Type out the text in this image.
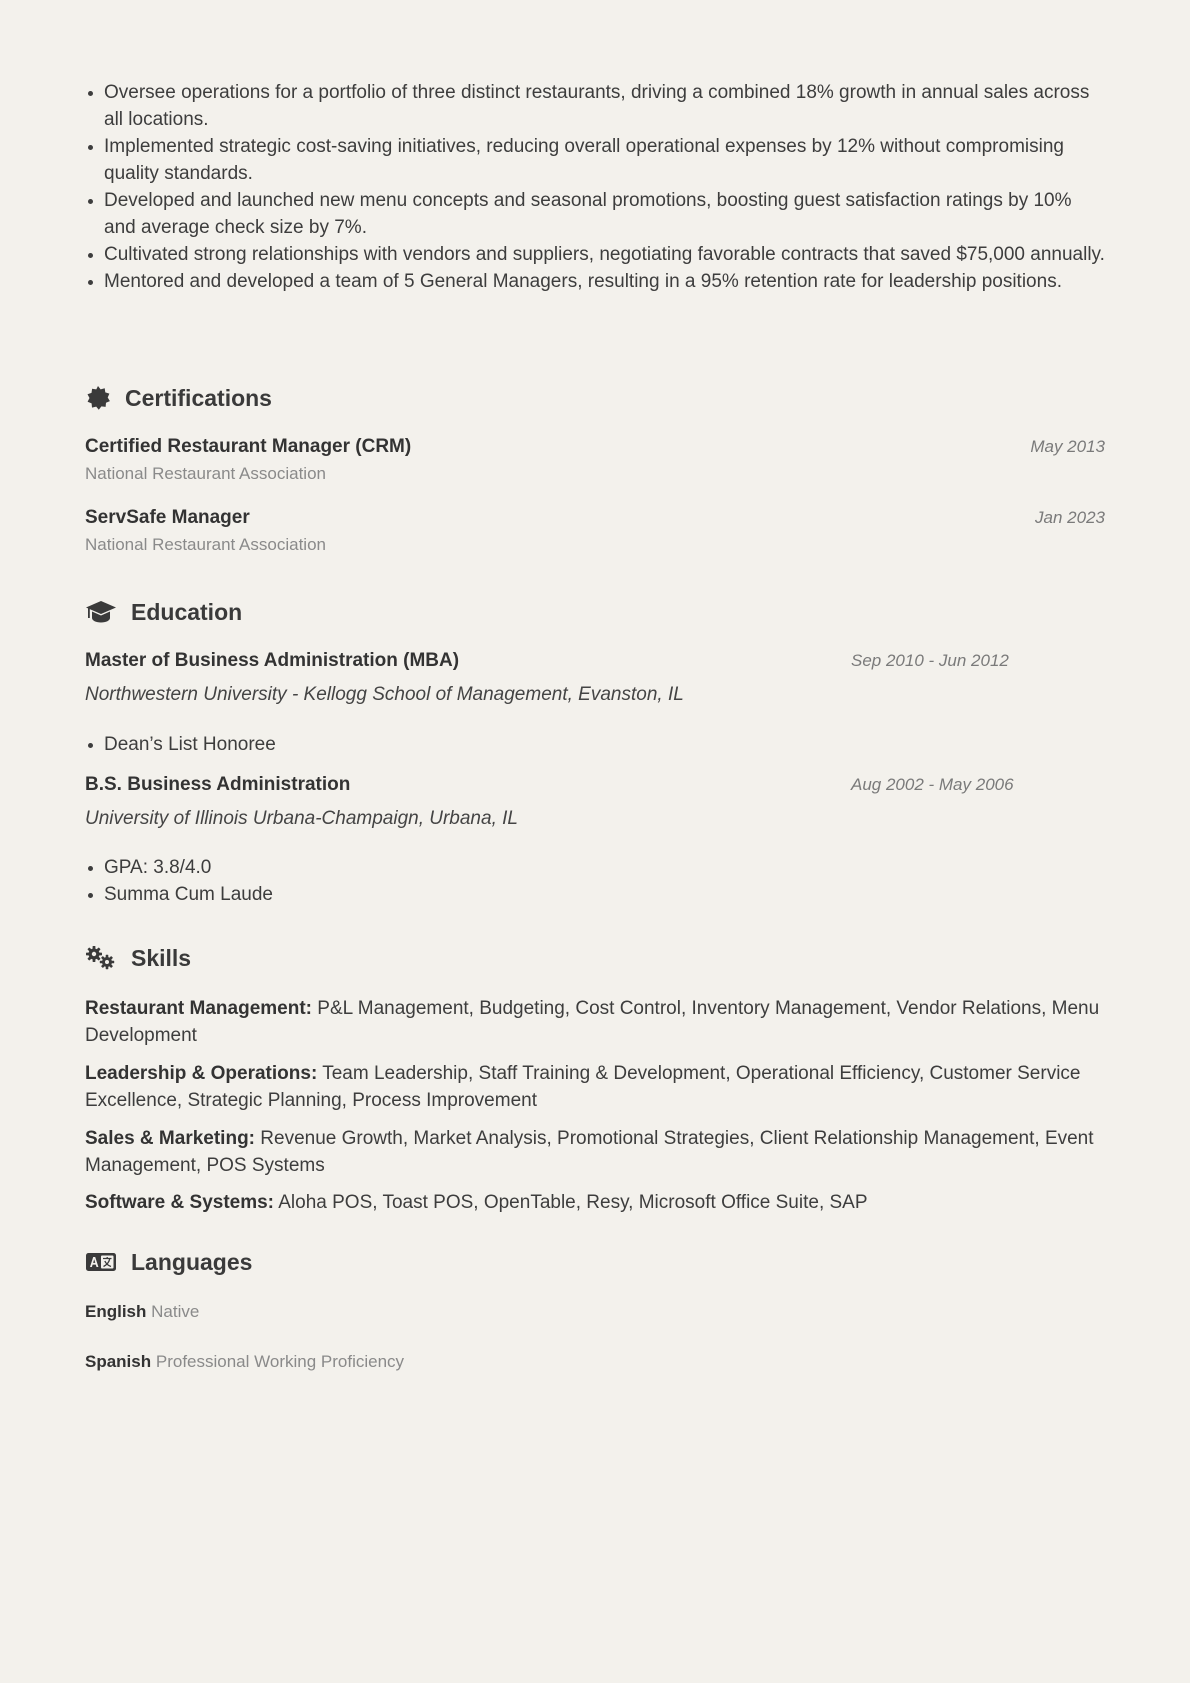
Oversee operations for a portfolio of three distinct restaurants, driving a combined 18% growth in annual sales across all locations.
Implemented strategic cost-saving initiatives, reducing overall operational expenses by 12% without compromising quality standards.
Developed and launched new menu concepts and seasonal promotions, boosting guest satisfaction ratings by 10% and average check size by 7%.
Cultivated strong relationships with vendors and suppliers, negotiating favorable contracts that saved $75,000 annually.
Mentored and developed a team of 5 General Managers, resulting in a 95% retention rate for leadership positions.
Certifications
Certified Restaurant Manager (CRM)	May 2013
National Restaurant Association
ServSafe Manager	Jan 2023
National Restaurant Association
Education
Master of Business Administration (MBA)	Sep 2010 - Jun 2012
Northwestern University - Kellogg School of Management, Evanston, IL
Dean’s List Honoree
B.S. Business Administration	Aug 2002 - May 2006
University of Illinois Urbana-Champaign, Urbana, IL
GPA: 3.8/4.0
Summa Cum Laude
Skills
Restaurant Management: P&L Management, Budgeting, Cost Control, Inventory Management, Vendor Relations, Menu Development
Leadership & Operations: Team Leadership, Staff Training & Development, Operational Efficiency, Customer Service Excellence, Strategic Planning, Process Improvement
Sales & Marketing: Revenue Growth, Market Analysis, Promotional Strategies, Client Relationship Management, Event Management, POS Systems
Software & Systems: Aloha POS, Toast POS, OpenTable, Resy, Microsoft Office Suite, SAP
Languages
English Native
Spanish Professional Working Proficiency
